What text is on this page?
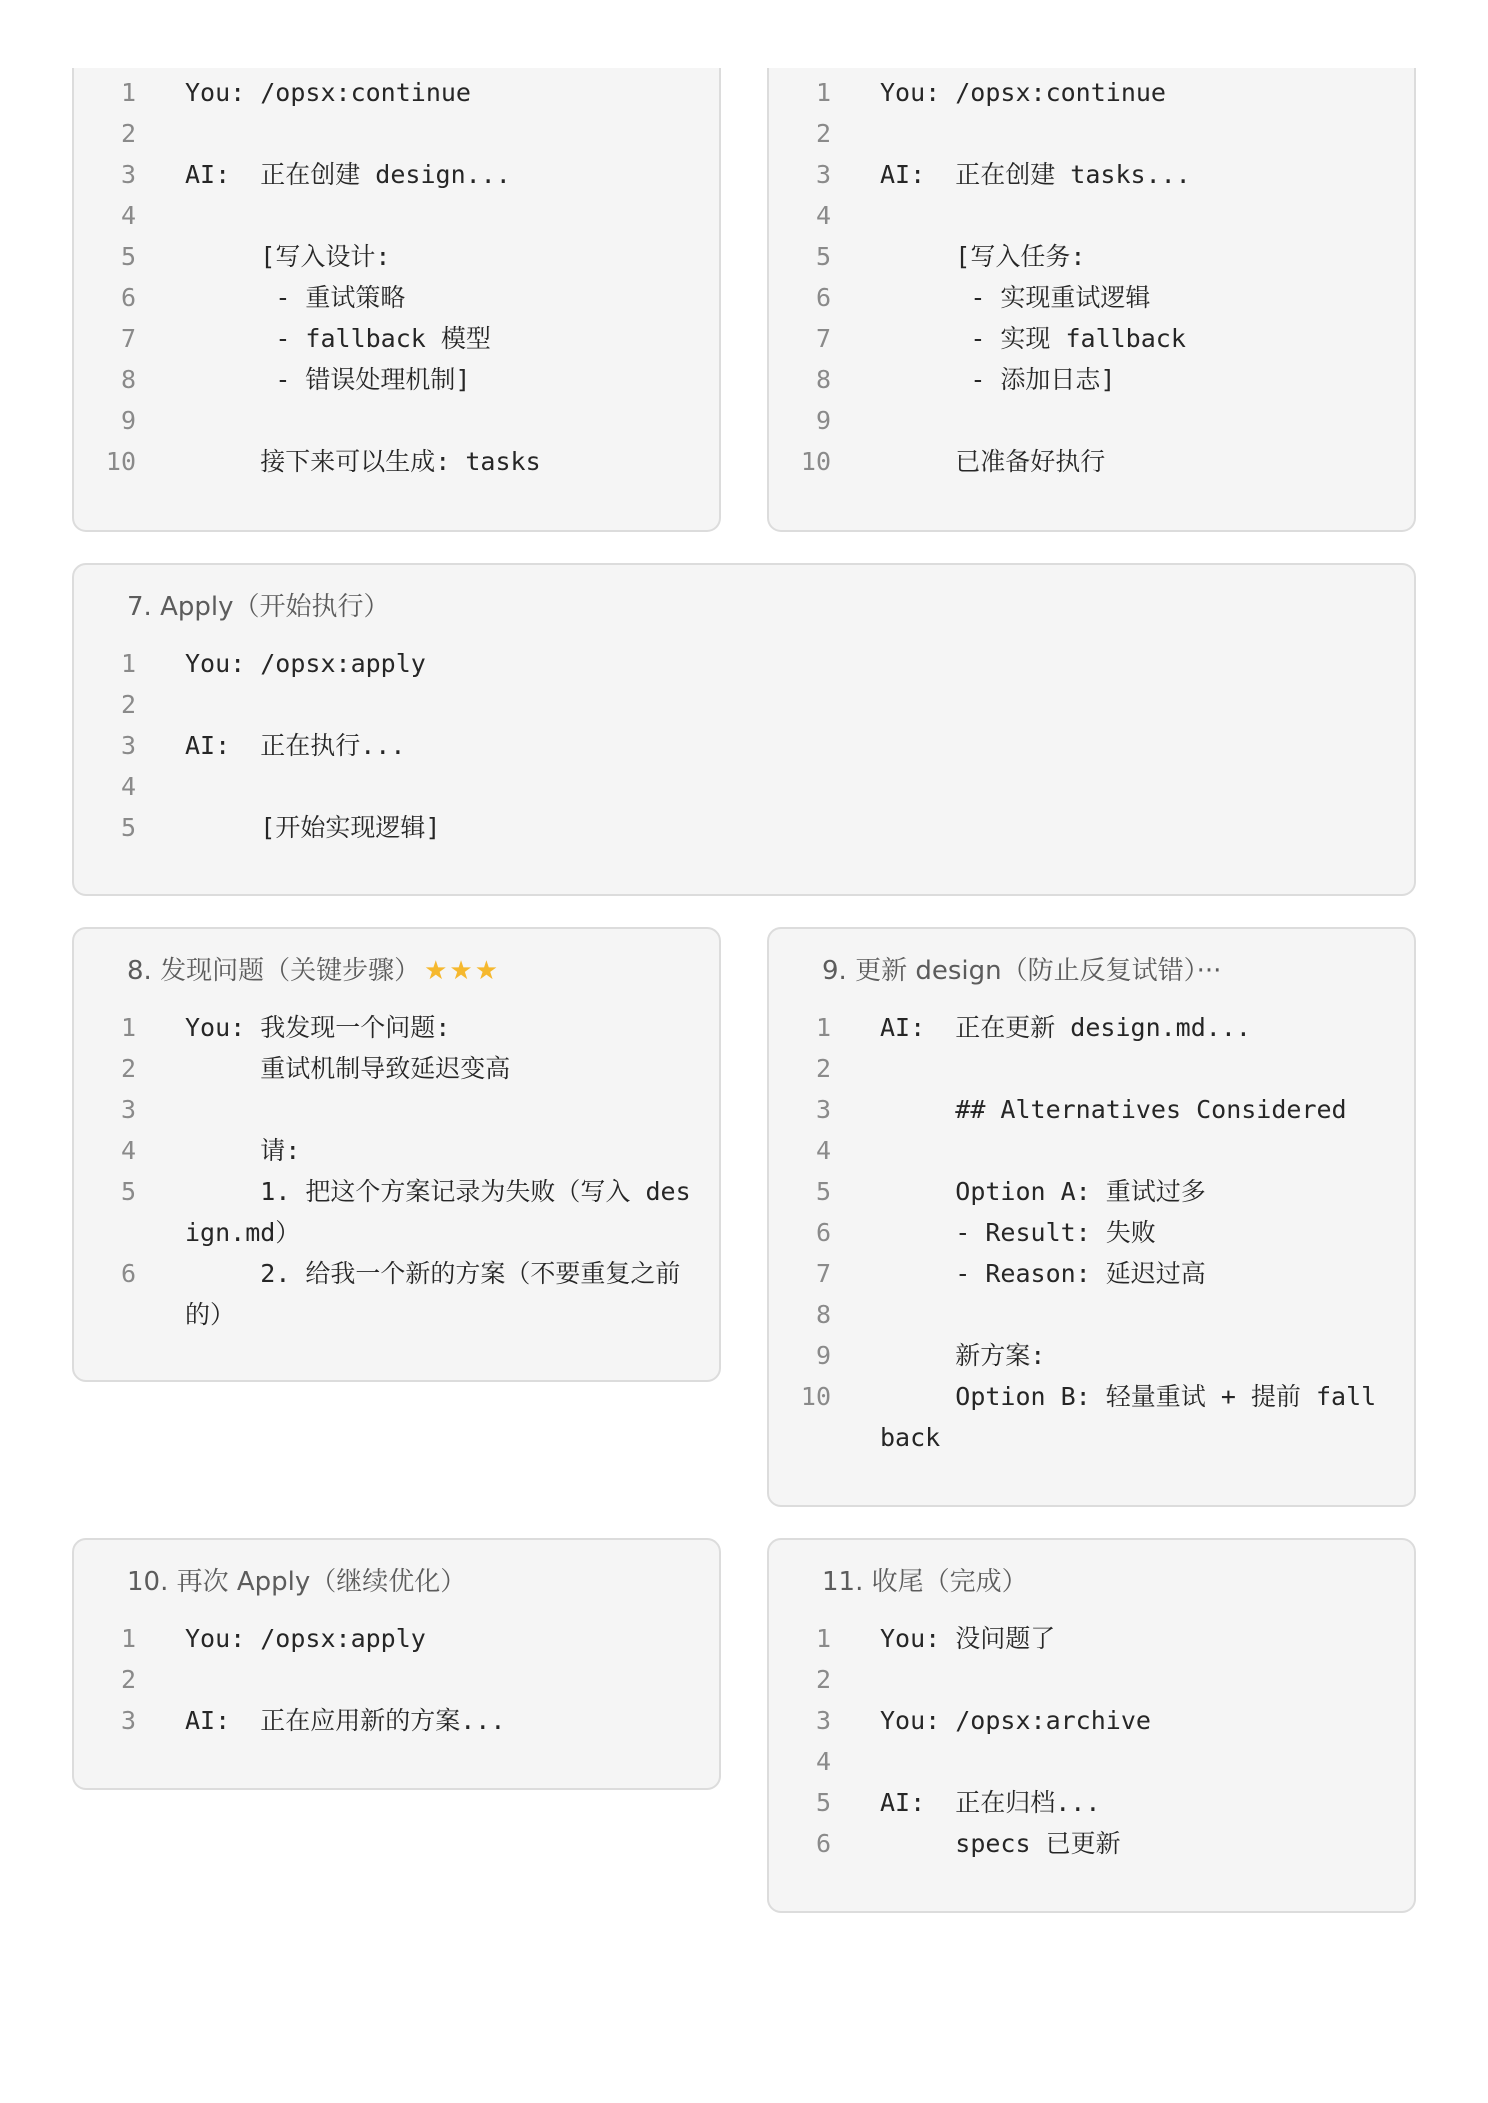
1 You: /opsx:continue
2
3 AI:  正在创建 design...
4
5 [写入设计:
6 - 重试策略
7 - fallback 模型
8 - 错误处理机制]
9
10 接下来可以生成: tasks
1 You: /opsx:continue
2
3 AI:  正在创建 tasks...
4
5 [写入任务:
6 - 实现重试逻辑
7 - 实现 fallback
8 - 添加日志]
9
10 已准备好执行
7. Apply（开始执行）
1 You: /opsx:apply
2
3 AI:  正在执行...
4
5 [开始实现逻辑]
8. 发现问题（关键步骤） ★★★
1 You: 我发现一个问题:
2 重试机制导致延迟变高
3
4 请:
5 1. 把这个方案记录为失败（写入 design.md）
6 2. 给我一个新的方案（不要重复之前的）
9. 更新 design（防止反复试错）···
1 AI:  正在更新 design.md...
2
3 ## Alternatives Considered
4
5 Option A: 重试过多
6 - Result: 失败
7 - Reason: 延迟过高
8
9 新方案:
10 Option B: 轻量重试 + 提前 fallback
10. 再次 Apply（继续优化）
1 You: /opsx:apply
2
3 AI:  正在应用新的方案...
11. 收尾（完成）
1 You: 没问题了
2
3 You: /opsx:archive
4
5 AI:  正在归档...
6 specs 已更新
